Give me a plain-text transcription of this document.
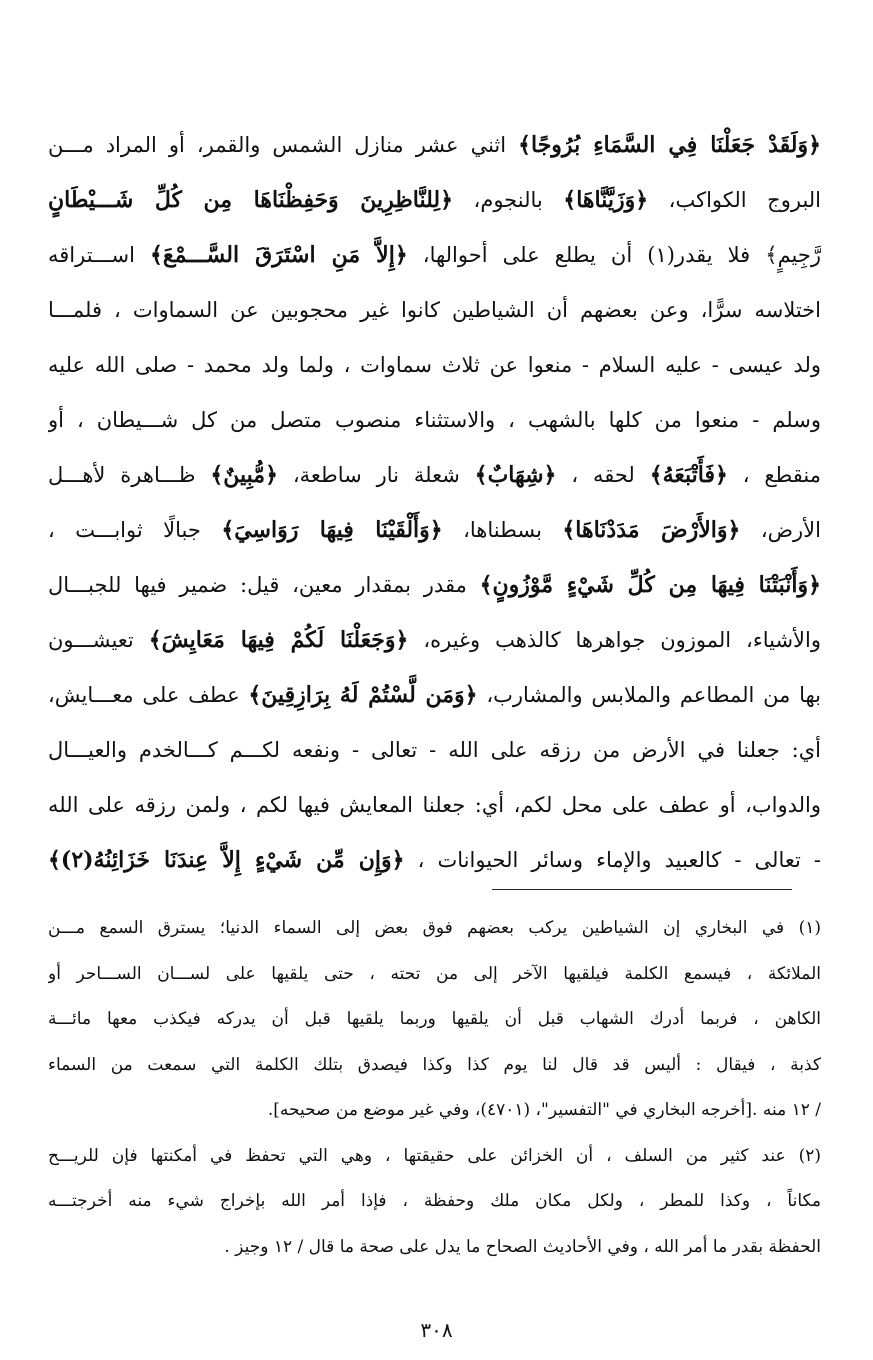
﴿وَلَقَدْ جَعَلْنَا فِي السَّمَاءِ بُرُوجًا﴾ اثني عشر منازل الشمس والقمر، أو المراد مـــن
البروج الكواكب، ﴿وَزَيَّنَّاهَا﴾ بالنجوم، ﴿لِلنَّاظِرِينَ وَحَفِظْنَاهَا مِن كُلِّ شَـــيْطَانٍ
رَّجِيمٍ﴾ فلا يقدر(١) أن يطلع على أحوالها، ﴿إِلاَّ مَنِ اسْتَرَقَ السَّـــمْعَ﴾ اســـتراقه
اختلاسه سرًّا، وعن بعضهم أن الشياطين كانوا غير محجوبين عن السماوات ، فلمـــا
ولد عيسى - عليه السلام - منعوا عن ثلاث سماوات ، ولما ولد محمد - صلى الله عليه
وسلم - منعوا من كلها بالشهب ، والاستثناء منصوب متصل من كل شـــيطان ، أو
منقطع ، ﴿فَأَتْبَعَهُ﴾ لحقه ، ﴿شِهَابٌ﴾ شعلة نار ساطعة، ﴿مُّبِينٌ﴾ ظـــاهرة لأهـــل
الأرض، ﴿وَالأَرْضَ مَدَدْنَاهَا﴾ بسطناها، ﴿وَأَلْقَيْنَا فِيهَا رَوَاسِيَ﴾ جبالًا ثوابـــت ،
﴿وَأَنْبَتْنَا فِيهَا مِن كُلِّ شَيْءٍ مَّوْزُونٍ﴾ مقدر بمقدار معين، قيل: ضمير فيها للجبـــال
والأشياء، الموزون جواهرها كالذهب وغيره، ﴿وَجَعَلْنَا لَكُمْ فِيهَا مَعَايِشَ﴾ تعيشـــون
بها من المطاعم والملابس والمشارب، ﴿وَمَن لَّسْتُمْ لَهُ بِرَازِقِينَ﴾ عطف على معـــايش،
أي: جعلنا في الأرض من رزقه على الله - تعالى - ونفعه لكـــم كـــالخدم والعيـــال
والدواب، أو عطف على محل لكم، أي: جعلنا المعايش فيها لكم ، ولمن رزقه على الله
- تعالى - كالعبيد والإماء وسائر الحيوانات ، ﴿وَإِن مِّن شَيْءٍ إِلاَّ عِندَنَا خَزَائِنُهُ(٢)﴾
(١) في البخاري إن الشياطين يركب بعضهم فوق بعض إلى السماء الدنيا؛ يسترق السمع مـــن
الملائكة ، فيسمع الكلمة فيلقيها الآخر إلى من تحته ، حتى يلقيها على لســـان الســـاحر أو
الكاهن ، فربما أدرك الشهاب قبل أن يلقيها وربما يلقيها قبل أن يدركه فيكذب معها مائـــة
كذبة ، فيقال : أليس قد قال لنا يوم كذا وكذا فيصدق بتلك الكلمة التي سمعت من السماء
/ ١٢ منه .[أخرجه البخاري في "التفسير"، (٤٧٠١)، وفي غير موضع من صحيحه].
(٢) عند كثير من السلف ، أن الخزائن على حقيقتها ، وهي التي تحفظ في أمكنتها فإن للريـــح
مكاناً ، وكذا للمطر ، ولكل مكان ملك وحفظة ، فإذا أمر الله بإخراج شيء منه أخرجتـــه
الحفظة بقدر ما أمر الله ، وفي الأحاديث الصحاح ما يدل على صحة ما قال / ١٢ وجيز .
٣٠٨
